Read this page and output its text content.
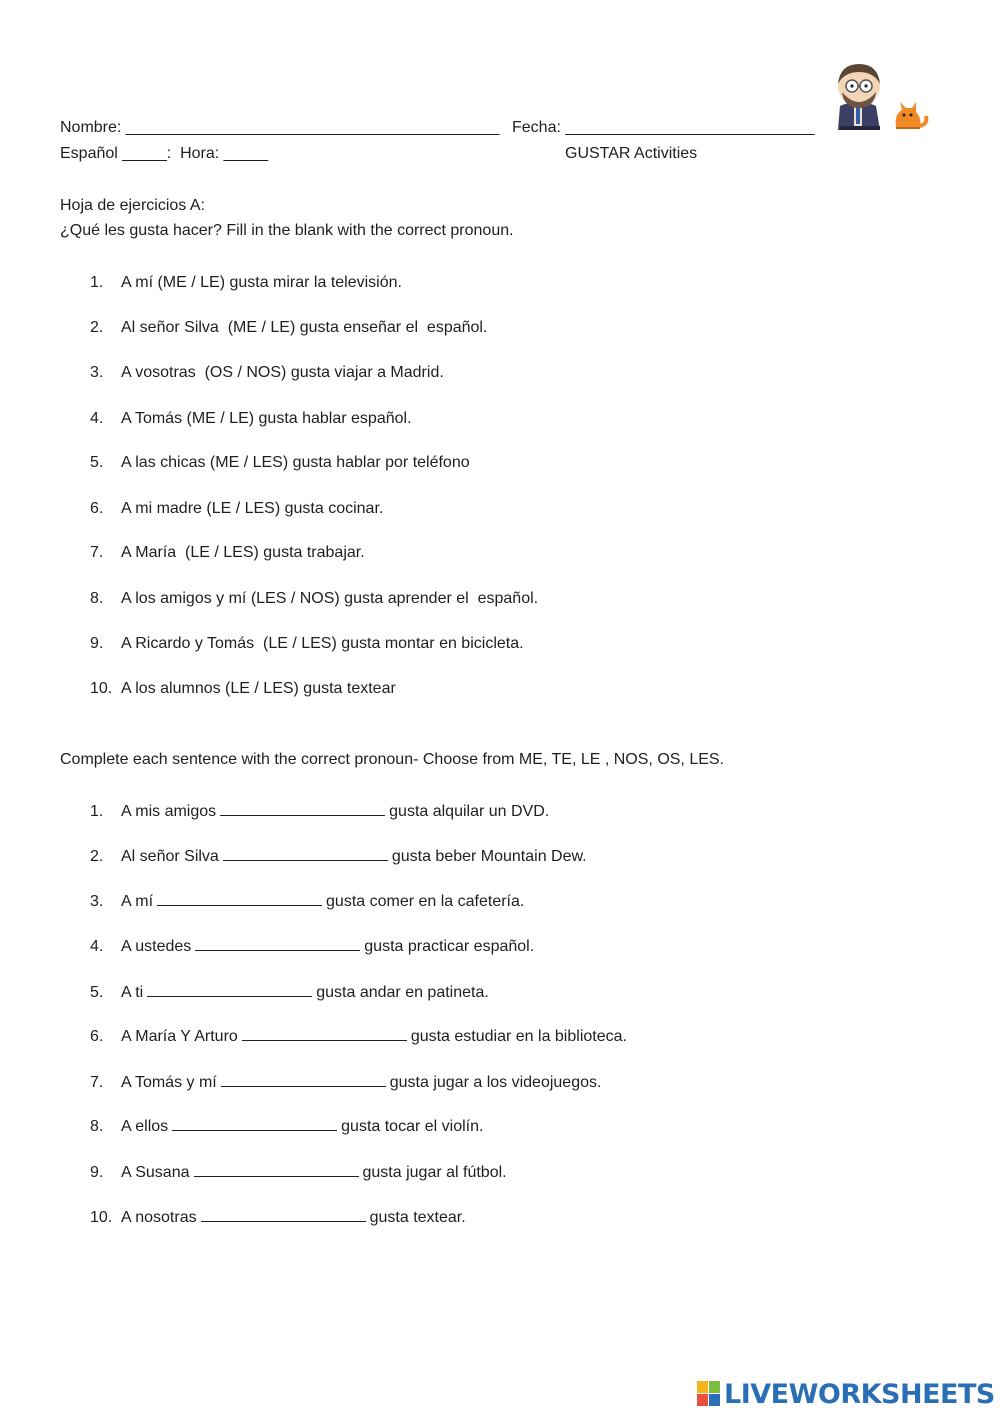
Nombre: __________________________________________ Fecha: ____________________________
Español _____:  Hora: _____	GUSTAR Activities
Hoja de ejercicios A:
¿Qué les gusta hacer? Fill in the blank with the correct pronoun.
1.	A mí (ME / LE) gusta mirar la televisión.
2.	Al señor Silva  (ME / LE) gusta enseñar el  español.
3.	A vosotras  (OS / NOS) gusta viajar a Madrid.
4.	A Tomás (ME / LE) gusta hablar español.
5.	A las chicas (ME / LES) gusta hablar por teléfono
6.	A mi madre (LE / LES) gusta cocinar.
7.	A María  (LE / LES) gusta trabajar.
8.	A los amigos y mí (LES / NOS) gusta aprender el  español.
9.	A Ricardo y Tomás  (LE / LES) gusta montar en bicicleta.
10. A los alumnos (LE / LES) gusta textear
Complete each sentence with the correct pronoun- Choose from ME, TE, LE , NOS, OS, LES.
1.	A mis amigos	gusta alquilar un DVD.
2.	Al señor Silva	gusta beber Mountain Dew.
3.	A mí	gusta comer en la cafetería.
4.	A ustedes	gusta practicar español.
5.	A ti	gusta andar en patineta.
6.	A María Y Arturo	gusta estudiar en la biblioteca.
7.	A Tomás y mí	gusta jugar a los videojuegos.
8.	A ellos	gusta tocar el violín.
9.	A Susana	gusta jugar al fútbol.
10. A nosotras	gusta textear.
LIVEWORKSHEETS
